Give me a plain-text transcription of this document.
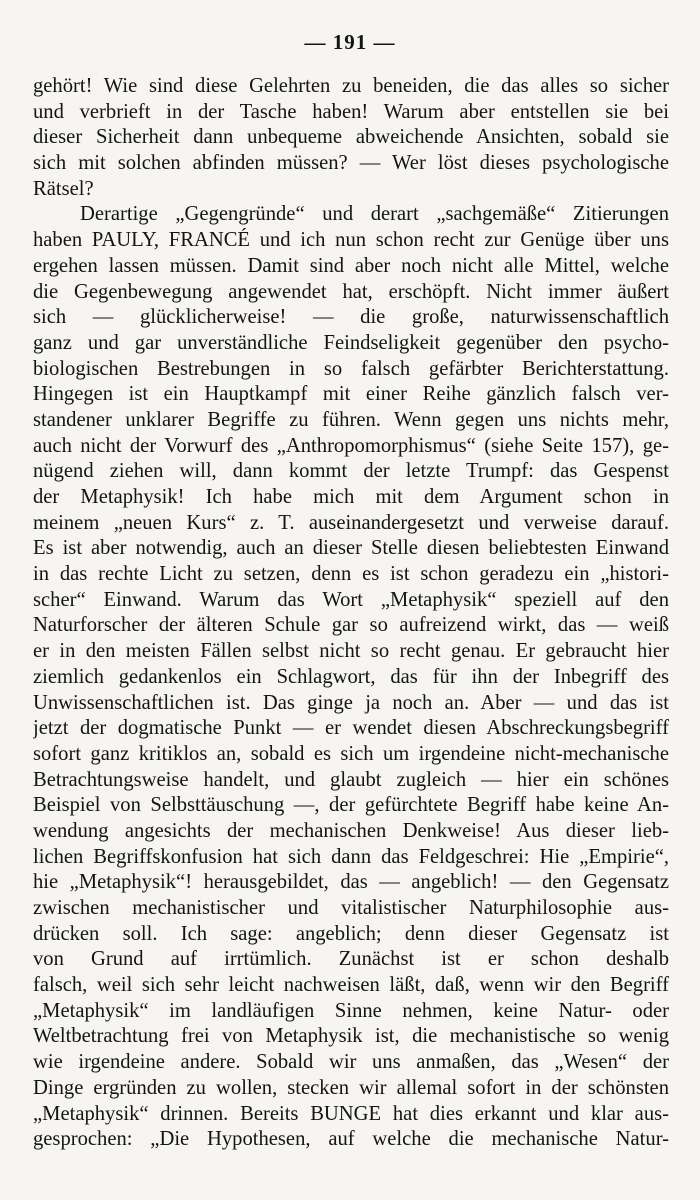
— 191 —
gehört! Wie sind diese Gelehrten zu beneiden, die das alles so sicher
und verbrieft in der Tasche haben! Warum aber entstellen sie bei
dieser Sicherheit dann unbequeme abweichende Ansichten, sobald sie
sich mit solchen abfinden müssen? — Wer löst dieses psychologische
Rätsel?
Derartige „Gegengründe“ und derart „sachgemäße“ Zitierungen
haben PAULY, FRANCÉ und ich nun schon recht zur Genüge über uns
ergehen lassen müssen. Damit sind aber noch nicht alle Mittel, welche
die Gegenbewegung angewendet hat, erschöpft. Nicht immer äußert
sich — glücklicherweise! — die große, naturwissenschaftlich
ganz und gar unverständliche Feindseligkeit gegenüber den psycho-
biologischen Bestrebungen in so falsch gefärbter Berichterstattung.
Hingegen ist ein Hauptkampf mit einer Reihe gänzlich falsch ver-
standener unklarer Begriffe zu führen. Wenn gegen uns nichts mehr,
auch nicht der Vorwurf des „Anthropomorphismus“ (siehe Seite 157), ge-
nügend ziehen will, dann kommt der letzte Trumpf: das Gespenst
der Metaphysik! Ich habe mich mit dem Argument schon in
meinem „neuen Kurs“ z. T. auseinandergesetzt und verweise darauf.
Es ist aber notwendig, auch an dieser Stelle diesen beliebtesten Einwand
in das rechte Licht zu setzen, denn es ist schon geradezu ein „histori-
scher“ Einwand. Warum das Wort „Metaphysik“ speziell auf den
Naturforscher der älteren Schule gar so aufreizend wirkt, das — weiß
er in den meisten Fällen selbst nicht so recht genau. Er gebraucht hier
ziemlich gedankenlos ein Schlagwort, das für ihn der Inbegriff des
Unwissenschaftlichen ist. Das ginge ja noch an. Aber — und das ist
jetzt der dogmatische Punkt — er wendet diesen Abschreckungsbegriff
sofort ganz kritiklos an, sobald es sich um irgendeine nicht-mechanische
Betrachtungsweise handelt, und glaubt zugleich — hier ein schönes
Beispiel von Selbsttäuschung —, der gefürchtete Begriff habe keine An-
wendung angesichts der mechanischen Denkweise! Aus dieser lieb-
lichen Begriffskonfusion hat sich dann das Feldgeschrei: Hie „Empirie“,
hie „Metaphysik“! herausgebildet, das — angeblich! — den Gegensatz
zwischen mechanistischer und vitalistischer Naturphilosophie aus-
drücken soll. Ich sage: angeblich; denn dieser Gegensatz ist
von Grund auf irrtümlich. Zunächst ist er schon deshalb
falsch, weil sich sehr leicht nachweisen läßt, daß, wenn wir den Begriff
„Metaphysik“ im landläufigen Sinne nehmen, keine Natur- oder
Weltbetrachtung frei von Metaphysik ist, die mechanistische so wenig
wie irgendeine andere. Sobald wir uns anmaßen, das „Wesen“ der
Dinge ergründen zu wollen, stecken wir allemal sofort in der schönsten
„Metaphysik“ drinnen. Bereits BUNGE hat dies erkannt und klar aus-
gesprochen: „Die Hypothesen, auf welche die mechanische Natur-
